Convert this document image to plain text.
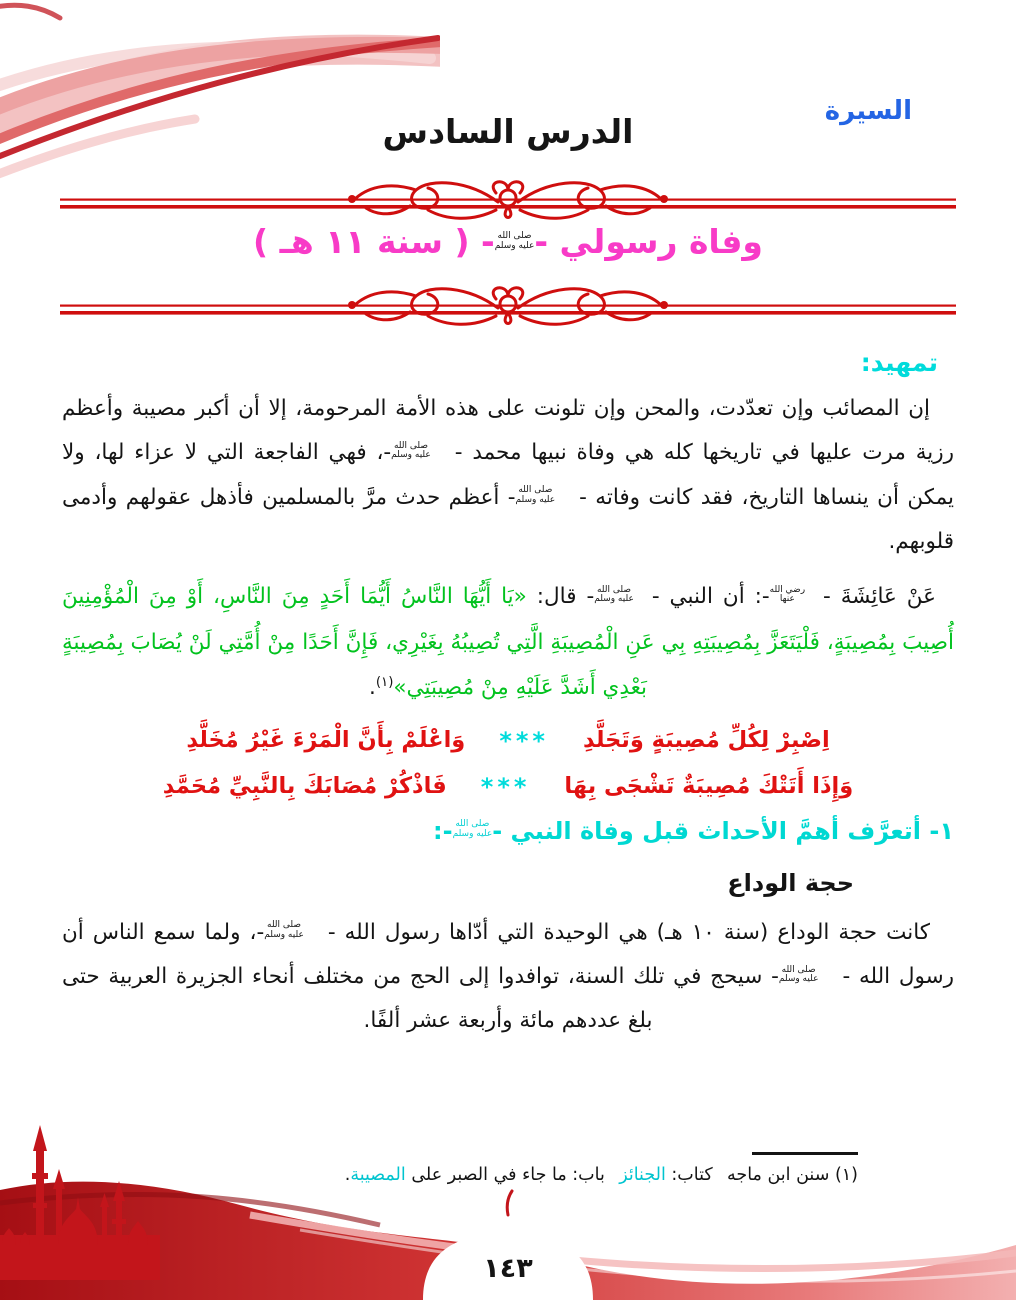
السيرة
الدرس السادس
وفاة رسولي -
صلى الله
عليه وسلم
- ( سنة ١١ هـ )
تمهيد:

إن المصائب وإن تعدّدت، والمحن وإن تلونت على هذه الأمة المرحومة، إلا أن أكبر مصيبة وأعظم رزية مرت عليها في تاريخها كله هي وفاة نبيها محمد -
صلى الله
عليه وسلم
-، فهي الفاجعة التي لا عزاء لها، ولا يمكن أن ينساها التاريخ، فقد كانت وفاته -
صلى الله
عليه وسلم
- أعظم حدث مرَّ بالمسلمين فأذهل عقولهم وأدمى قلوبهم.

عَنْ عَائِشَةَ -
رضي الله
عنها
-: أن النبي -
صلى الله
عليه وسلم
- قال: «يَا أَيُّهَا النَّاسُ أَيُّمَا أَحَدٍ مِنَ النَّاسِ، أَوْ مِنَ الْمُؤْمِنِينَ أُصِيبَ بِمُصِيبَةٍ، فَلْيَتَعَزَّ بِمُصِيبَتِهِ بِي عَنِ الْمُصِيبَةِ الَّتِي تُصِيبُهُ بِغَيْرِي، فَإِنَّ أَحَدًا مِنْ أُمَّتِي لَنْ يُصَابَ بِمُصِيبَةٍ بَعْدِي أَشَدَّ عَلَيْهِ مِنْ مُصِيبَتِي»$^{(١)}$.

اِصْبِرْ لِكُلِّ مُصِيبَةٍ وَتَجَلَّدِ
***
وَاعْلَمْ بِأَنَّ الْمَرْءَ غَيْرُ مُخَلَّدِ
وَإِذَا أَتَتْكَ مُصِيبَةٌ تَشْجَى بِهَا
***
فَاذْكُرْ مُصَابَكَ بِالنَّبِيِّ مُحَمَّدِ
١- أتعرَّف أهمَّ الأحداث قبل وفاة النبي -
صلى الله
عليه وسلم
-:
حجة الوداع

كانت حجة الوداع (سنة ١٠ هـ) هي الوحيدة التي أدّاها رسول الله -
صلى الله
عليه وسلم
-، ولما سمع الناس أن رسول الله -
صلى الله
عليه وسلم
- سيحج في تلك السنة، توافدوا إلى الحج من مختلف أنحاء الجزيرة العربية حتى بلغ عددهم مائة وأربعة عشر ألفًا.

(١) سنن ابن ماجه  كتاب: الجنائز  باب: ما جاء في الصبر على المصيبة.
١٤٣
